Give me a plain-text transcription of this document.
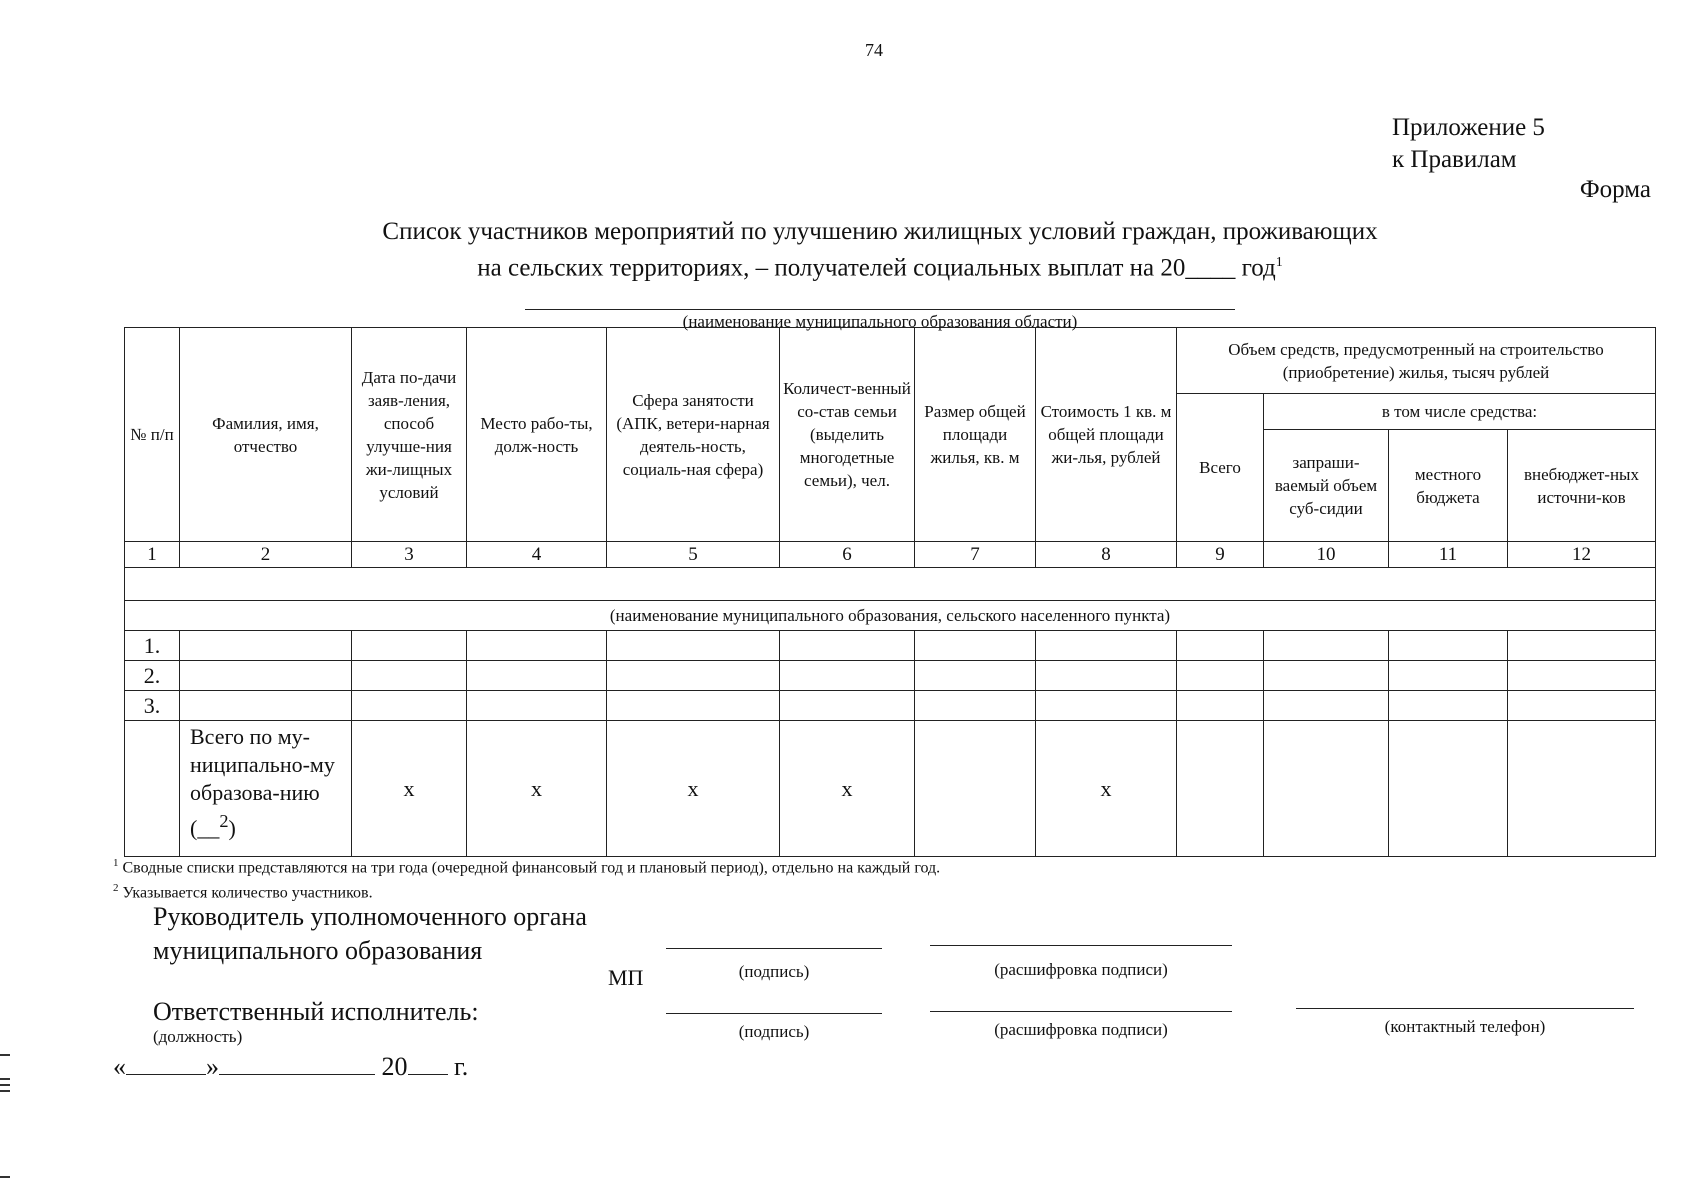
74
Приложение 5
к Правилам
Форма
Список участников мероприятий по улучшению жилищных условий граждан, проживающих
на сельских территориях, – получателей социальных выплат на 20____ год$^1$
(наименование муниципального образования области)
№ п/п	Фамилия, имя, отчество	Дата по-дачи заяв-ления, способ улучше-ния жи-лищных условий	Место рабо-ты, долж-ность	Сфера занятости (АПК, ветери-нарная деятель-ность, социаль-ная сфера)	Количест-венный со-став семьи (выделить многодетные семьи), чел.	Размер общей площади жилья, кв. м	Стоимость 1 кв. м общей площади жи-лья, рублей	Объем средств, предусмотренный на строительство (приобретение) жилья, тысяч рублей			
								Всего	в том числе средства:		
									запраши-ваемый объем суб-сидии	местного бюджета	внебюджет-ных источни-ков
1	2	3	4	5	6	7	8	9	10	11	12

(наименование муниципального образования, сельского населенного пункта)											
1.											
2.											
3.											
	Всего по му-ниципально-му образова-нию (__$^2$)	х	х	х	х		х				
$^1$ Сводные списки представляются на три года (очередной финансовый год и плановый период), отдельно на каждый год.
$^2$ Указывается количество участников.
Руководитель уполномоченного органа
муниципального образования
МП	(подпись)	(расшифровка подписи)
Ответственный исполнитель:
(должность)	(подпись)	(расшифровка подписи)	(контактный телефон)
«	»	20 г.
